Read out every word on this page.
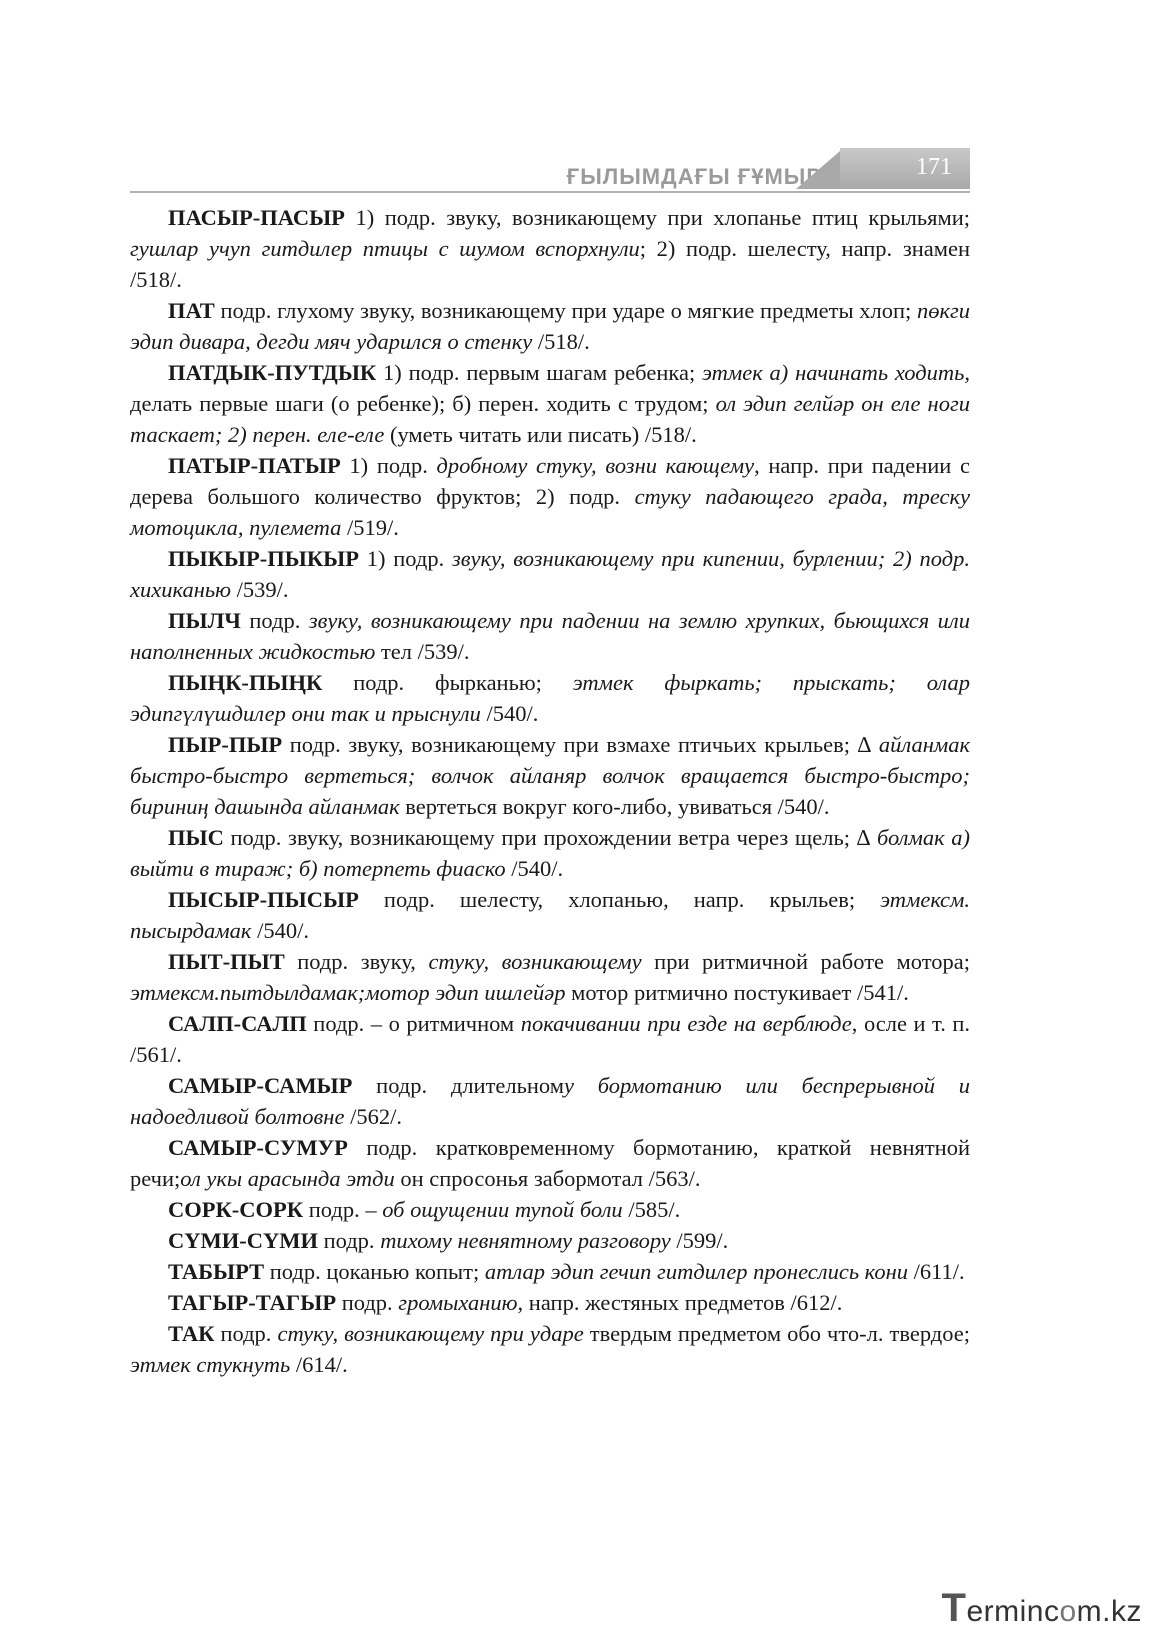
ҒЫЛЫМДАҒЫ ҒҰМЫР	171

ПАСЫР-ПАСЫР 1) подр. звуку, возникающему при хлопанье птиц крыльями; гушлар учуп гитдилер птицы с шумом вспорхнули; 2) подр. шелесту, напр. знамен /518/.

ПАТ подр. глухому звуку, возникающему при ударе о мягкие предметы хлоп; пөкги эдип дивара, дегди мяч ударился о стенку /518/.

ПАТДЫК-ПУТДЫК 1) подр. первым шагам ребенка; этмек а) начинать ходить, делать первые шаги (о ребенке); б) перен. ходить с трудом; ол эдип гелйәр он еле ноги таскает; 2) перен. еле-еле (уметь читать или писать) /518/.

ПАТЫР-ПАТЫР 1) подр. дробному стуку, возни кающему, напр. при падении с дерева большого количество фруктов; 2) подр. стуку падающего града, треску мотоцикла, пулемета /519/.

ПЫКЫР-ПЫКЫР 1) подр. звуку, возникающему при кипении, бурлении; 2) подр. хихиканью /539/.

ПЫЛЧ подр. звуку, возникающему при падении на землю хрупких, бьющихся или наполненных жидкостью тел /539/.

ПЫҢК-ПЫҢК подр. фырканью; этмек фыркать; прыскать; олар эдипгүлүшдилер они так и прыснули /540/.

ПЫР-ПЫР подр. звуку, возникающему при взмахе птичьих крыльев; ∆ айланмак быстро-быстро вертеться; волчок айланяр волчок вращается быстро-быстро; бириниң дашында айланмак вертеться вокруг кого-либо, увиваться /540/.

ПЫС подр. звуку, возникающему при прохождении ветра через щель; ∆ болмак а) выйти в тираж; б) потерпеть фиаско /540/.

ПЫСЫР-ПЫСЫР подр. шелесту, хлопанью, напр. крыльев; этмексм. пысырдамак /540/.

ПЫТ-ПЫТ подр. звуку, стуку, возникающему при ритмичной работе мотора; этмексм.пытдылдамак;мотор эдип ишлейәр мотор ритмично постукивает /541/.

САЛП-САЛП подр. – о ритмичном покачивании при езде на верблюде, осле и т. п. /561/.

САМЫР-САМЫР подр. длительному бормотанию или беспрерывной и надоедливой болтовне /562/.

САМЫР-СУМУР подр. кратковременному бормотанию, краткой невнятной речи;ол укы арасында этди он спросонья забормотал /563/.

СОРК-СОРК подр. – об ощущении тупой боли /585/.

СҮМИ-СҮМИ подр. тихому невнятному разговору /599/.

ТАБЫРТ подр. цоканью копыт; атлар эдип гечип гитдилер пронеслись кони /611/.

ТАГЫР-ТАГЫР подр. громыханию, напр. жестяных предметов /612/.

ТАК подр. стуку, возникающему при ударе твердым предметом обо что-л. твердое; этмек стукнуть /614/.

Termincom.kz
